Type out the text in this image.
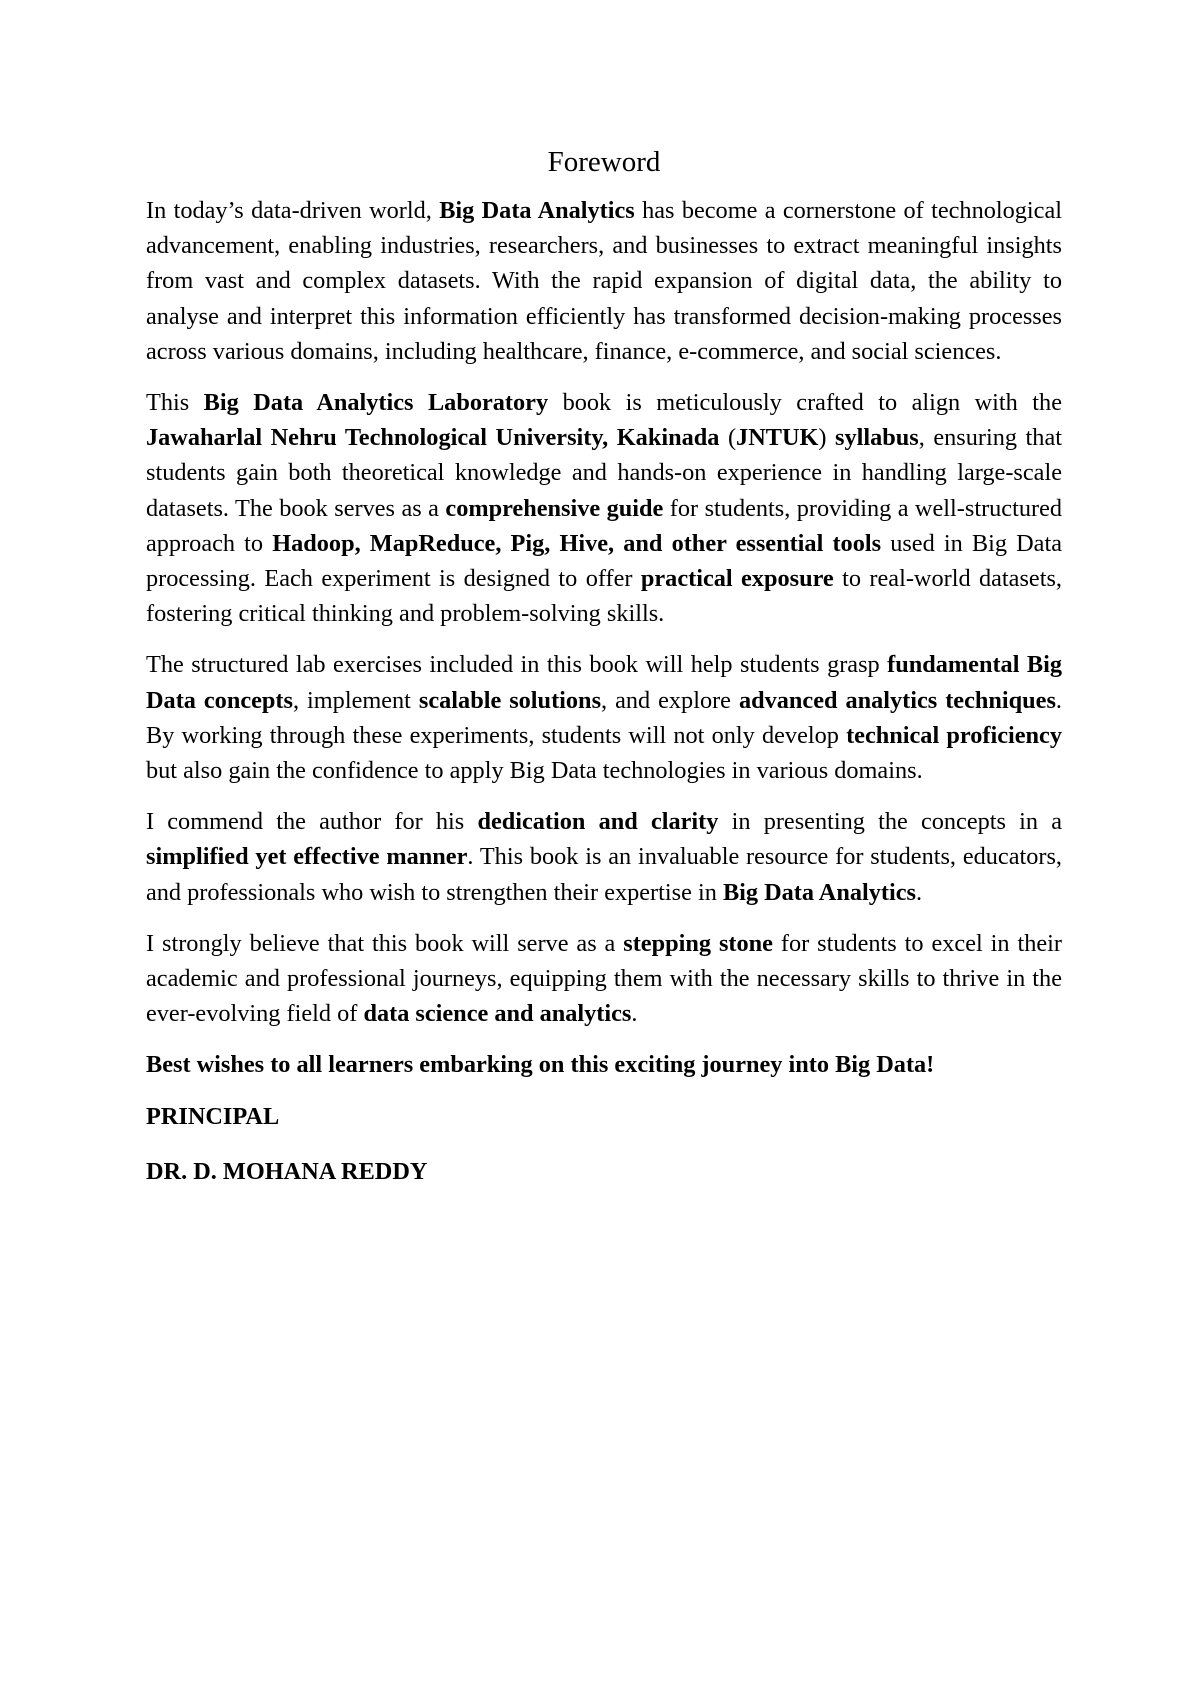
Foreword

In today’s data-driven world, Big Data Analytics has become a cornerstone of technological advancement, enabling industries, researchers, and businesses to extract meaningful insights from vast and complex datasets. With the rapid expansion of digital data, the ability to analyse and interpret this information efficiently has transformed decision-making processes across various domains, including healthcare, finance, e-commerce, and social sciences.

This Big Data Analytics Laboratory book is meticulously crafted to align with the Jawaharlal Nehru Technological University, Kakinada (JNTUK) syllabus, ensuring that students gain both theoretical knowledge and hands-on experience in handling large-scale datasets. The book serves as a comprehensive guide for students, providing a well-structured approach to Hadoop, MapReduce, Pig, Hive, and other essential tools used in Big Data processing. Each experiment is designed to offer practical exposure to real-world datasets, fostering critical thinking and problem-solving skills.

The structured lab exercises included in this book will help students grasp fundamental Big Data concepts, implement scalable solutions, and explore advanced analytics techniques. By working through these experiments, students will not only develop technical proficiency but also gain the confidence to apply Big Data technologies in various domains.

I commend the author for his dedication and clarity in presenting the concepts in a simplified yet effective manner. This book is an invaluable resource for students, educators, and professionals who wish to strengthen their expertise in Big Data Analytics.

I strongly believe that this book will serve as a stepping stone for students to excel in their academic and professional journeys, equipping them with the necessary skills to thrive in the ever-evolving field of data science and analytics.

Best wishes to all learners embarking on this exciting journey into Big Data!

PRINCIPAL

DR. D. MOHANA REDDY
